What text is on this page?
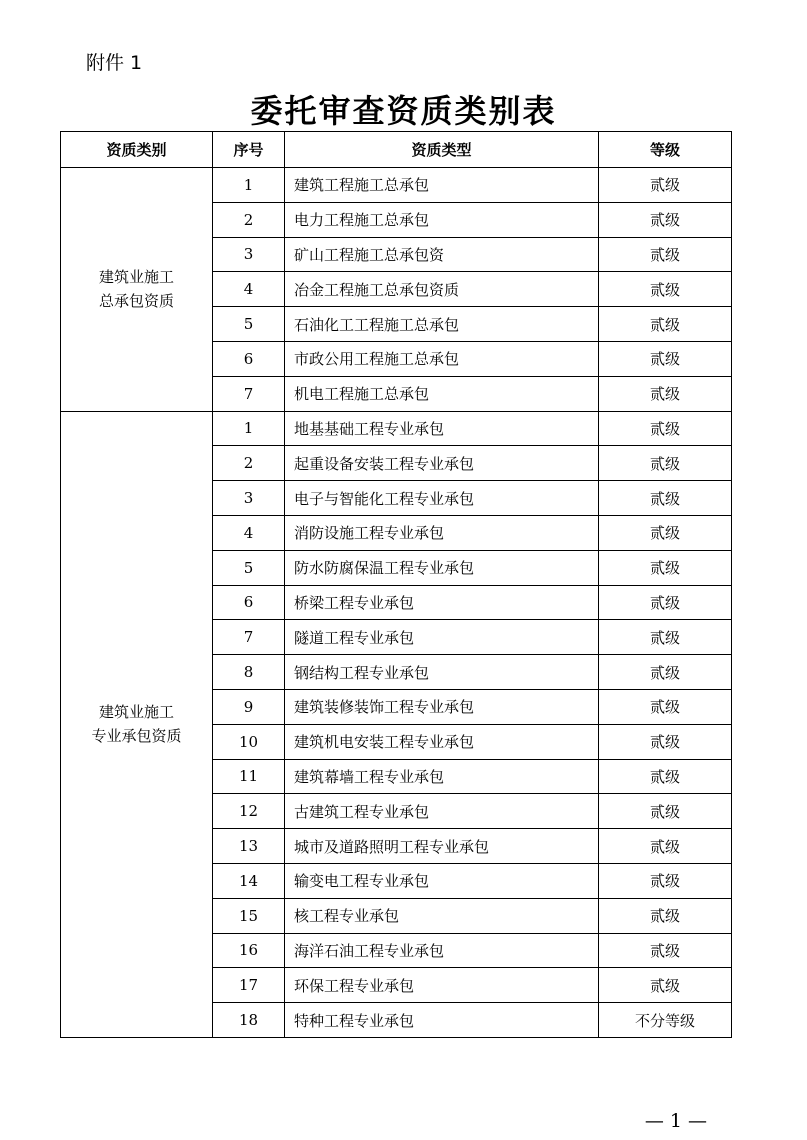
附件 1
委托审查资质类别表
资质类别	序号	资质类型	等级

建筑业施工
总承包资质	1	建筑工程施工总承包	贰级
	2	电力工程施工总承包	贰级
	3	矿山工程施工总承包资	贰级
	4	冶金工程施工总承包资质	贰级
	5	石油化工工程施工总承包	贰级
	6	市政公用工程施工总承包	贰级
	7	机电工程施工总承包	贰级

建筑业施工
专业承包资质	1	地基基础工程专业承包	贰级
	2	起重设备安装工程专业承包	贰级
	3	电子与智能化工程专业承包	贰级
	4	消防设施工程专业承包	贰级
	5	防水防腐保温工程专业承包	贰级
	6	桥梁工程专业承包	贰级
	7	隧道工程专业承包	贰级
	8	钢结构工程专业承包	贰级
	9	建筑装修装饰工程专业承包	贰级
	10	建筑机电安装工程专业承包	贰级
	11	建筑幕墙工程专业承包	贰级
	12	古建筑工程专业承包	贰级
	13	城市及道路照明工程专业承包	贰级
	14	输变电工程专业承包	贰级
	15	核工程专业承包	贰级
	16	海洋石油工程专业承包	贰级
	17	环保工程专业承包	贰级
	18	特种工程专业承包	不分等级
— 1 —
